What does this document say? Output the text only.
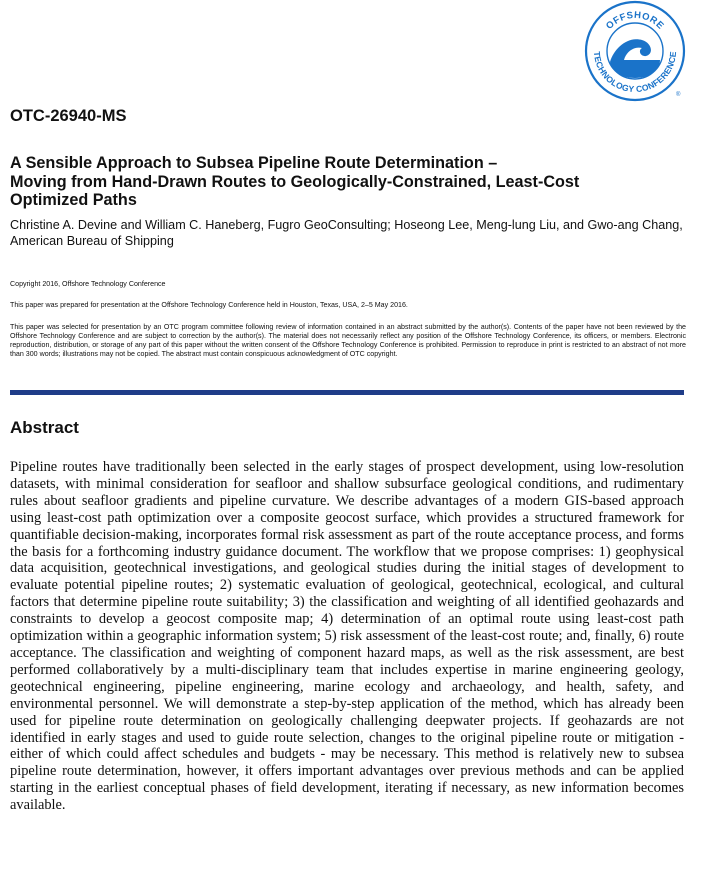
OFFSHORE
TECHNOLOGY CONFERENCE
®
OTC-26940-MS
A Sensible Approach to Subsea Pipeline Route Determination –
Moving from Hand-Drawn Routes to Geologically-Constrained, Least-Cost
Optimized Paths
Christine A. Devine and William C. Haneberg, Fugro GeoConsulting; Hoseong Lee, Meng-lung Liu, and Gwo-ang Chang, American Bureau of Shipping
Copyright 2016, Offshore Technology Conference
This paper was prepared for presentation at the Offshore Technology Conference held in Houston, Texas, USA, 2–5 May 2016.
This paper was selected for presentation by an OTC program committee following review of information contained in an abstract submitted by the author(s). Contents of the paper have not been reviewed by the Offshore Technology Conference and are subject to correction by the author(s). The material does not necessarily reflect any position of the Offshore Technology Conference, its officers, or members. Electronic reproduction, distribution, or storage of any part of this paper without the written consent of the Offshore Technology Conference is prohibited. Permission to reproduce in print is restricted to an abstract of not more than 300 words; illustrations may not be copied. The abstract must contain conspicuous acknowledgment of OTC copyright.
Abstract
Pipeline routes have traditionally been selected in the early stages of prospect development, using low-resolution datasets, with minimal consideration for seafloor and shallow subsurface geological conditions, and rudimentary rules about seafloor gradients and pipeline curvature. We describe advantages of a modern GIS-based approach using least-cost path optimization over a composite geocost surface, which provides a structured framework for quantifiable decision-making, incorporates formal risk assessment as part of the route acceptance process, and forms the basis for a forthcoming industry guidance document. The workflow that we propose comprises: 1) geophysical data acquisition, geotechnical investigations, and geological studies during the initial stages of development to evaluate potential pipeline routes; 2) systematic evaluation of geological, geotechnical, ecological, and cultural factors that determine pipeline route suitability; 3) the classification and weighting of all identified geohazards and constraints to develop a geocost composite map; 4) determination of an optimal route using least-cost path optimization within a geographic information system; 5) risk assessment of the least-cost route; and, finally, 6) route acceptance. The classification and weighting of component hazard maps, as well as the risk assessment, are best performed collaboratively by a multi-disciplinary team that includes expertise in marine engineering geology, geotechnical engineering, pipeline engineering, marine ecology and archaeology, and health, safety, and environmental personnel. We will demonstrate a step-by-step application of the method, which has already been used for pipeline route determination on geologically challenging deepwater projects. If geohazards are not identified in early stages and used to guide route selection, changes to the original pipeline route or mitigation - either of which could affect schedules and budgets - may be necessary. This method is relatively new to subsea pipeline route determination, however, it offers important advantages over previous methods and can be applied starting in the earliest conceptual phases of field development, iterating if necessary, as new information becomes available.
